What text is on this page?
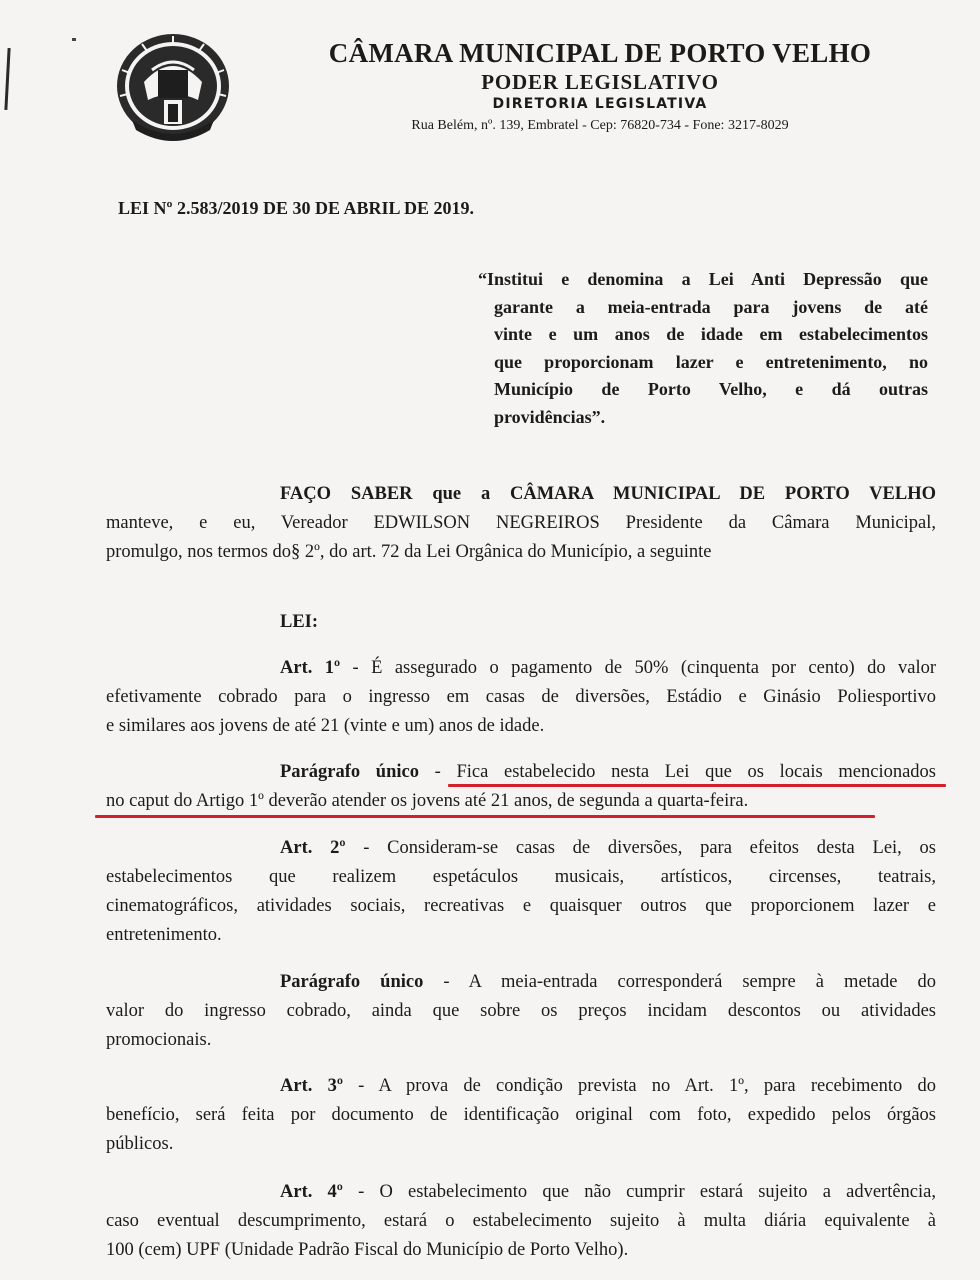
CÂMARA MUNICIPAL DE PORTO VELHO
PODER LEGISLATIVO
DIRETORIA LEGISLATIVA
Rua Belém, nº. 139, Embratel - Cep: 76820-734 - Fone: 3217-8029
LEI Nº 2.583/2019 DE 30 DE ABRIL DE 2019.
“Institui e denomina a Lei Anti Depressão que
garante a meia-entrada para jovens de até
vinte e um anos de idade em estabelecimentos
que proporcionam lazer e entretenimento, no
Município de Porto Velho, e dá outras
providências”.
FAÇO SABER que a CÂMARA MUNICIPAL DE PORTO VELHO
manteve, e eu, Vereador EDWILSON NEGREIROS Presidente da Câmara Municipal,
promulgo, nos termos do§ 2º, do art. 72 da Lei Orgânica do Município, a seguinte
LEI:
Art. 1º - É assegurado o pagamento de 50% (cinquenta por cento) do valor
efetivamente cobrado para o ingresso em casas de diversões, Estádio e Ginásio Poliesportivo
e similares aos jovens de até 21 (vinte e um) anos de idade.
Parágrafo único - Fica estabelecido nesta Lei que os locais mencionados
no caput do Artigo 1º deverão atender os jovens até 21 anos, de segunda a quarta-feira.
Art. 2º - Consideram-se casas de diversões, para efeitos desta Lei, os
estabelecimentos que realizem espetáculos musicais, artísticos, circenses, teatrais,
cinematográficos, atividades sociais, recreativas e quaisquer outros que proporcionem lazer e
entretenimento.
Parágrafo único - A meia-entrada corresponderá sempre à metade do
valor do ingresso cobrado, ainda que sobre os preços incidam descontos ou atividades
promocionais.
Art. 3º - A prova de condição prevista no Art. 1º, para recebimento do
benefício, será feita por documento de identificação original com foto, expedido pelos órgãos
públicos.
Art. 4º - O estabelecimento que não cumprir estará sujeito a advertência,
caso eventual descumprimento, estará o estabelecimento sujeito à multa diária equivalente à
100 (cem) UPF (Unidade Padrão Fiscal do Município de Porto Velho).
